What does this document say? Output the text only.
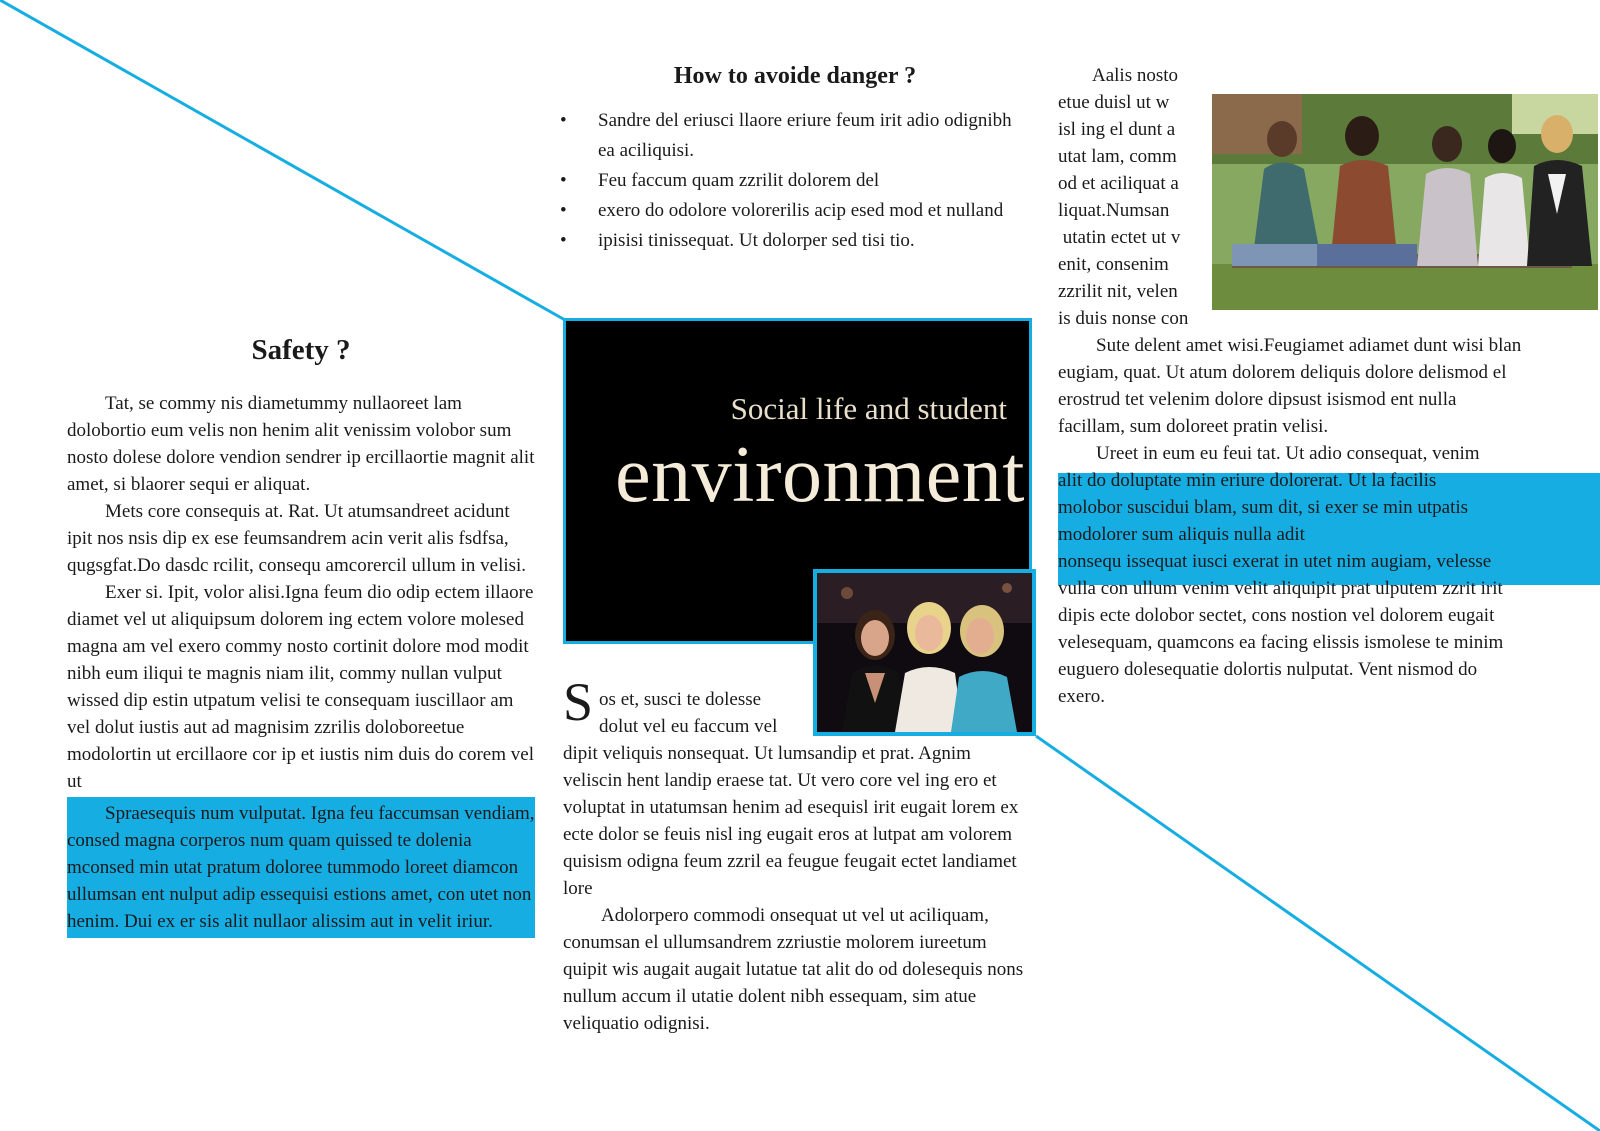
Safety ?

Tat, se commy nis diametummy nullaoreet lam dolobortio eum velis non henim alit venissim volobor sum nosto dolese dolore vendion sendrer ip ercillaortie magnit alit amet, si blaorer sequi er aliquat.

Mets core consequis at. Rat. Ut atumsandreet acidunt ipit nos nsis dip ex ese feumsandrem acin verit alis fsdfsa, qugsgfat.Do dasdc rcilit, consequ amcorercil ullum in velisi.

Exer si. Ipit, volor alisi.Igna feum dio odip ectem illaore diamet vel ut aliquipsum dolorem ing ectem volore molesed magna am vel exero commy nosto cortinit dolore mod modit nibh eum iliqui te magnis niam ilit, commy nullan vulput wissed dip estin utpatum velisi te consequam iuscillaor am vel dolut iustis aut ad magnisim zzrilis doloboreetue modolortin ut ercillaore cor ip et iustis nim duis do corem vel ut

Spraesequis num vulputat. Igna feu faccumsan vendiam, consed magna corperos num quam quissed te dolenia mconsed min utat pratum doloree tummodo loreet diamcon ullumsan ent nulput adip essequisi estions amet, con utet non henim. Dui ex er sis alit nullaor alissim aut in velit iriur.

How to avoide danger ?
• Sandre del eriusci llaore eriure feum irit adio odignibh ea aciliquisi.
• Feu faccum quam zzrilit dolorem del
• exero do odolore volorerilis acip esed mod et nulland
• ipisisi tinissequat. Ut dolorper sed tisi tio.
Social life and student
environment
S os et, susci te dolesse

dolut vel eu faccum vel

dipit veliquis nonsequat. Ut lumsandip et prat. Agnim veliscin hent landip eraese tat. Ut vero core vel ing ero et voluptat in utatumsan henim ad esequisl irit eugait lorem ex ecte dolor se feuis nisl ing eugait eros at lutpat am volorem quisism odigna feum zzril ea feugue feugait ectet landiamet lore

Adolorpero commodi onsequat ut vel ut aciliquam, conumsan el ullumsandrem zzriustie molorem iureetum quipit wis augait augait lutatue tat alit do od dolesequis nons nullum accum il utatie dolent nibh essequam, sim atue veliquatio odignisi.

Aalis nosto

etue duisl ut w

isl ing el dunt a

utat lam, comm

od et aciliquat a

liquat.Numsan

utatin ectet ut v

enit, consenim

zzrilit nit, velen

is duis nonse con

Sute delent amet wisi.Feugiamet adiamet dunt wisi blan eugiam, quat. Ut atum dolorem deliquis dolore delismod el erostrud tet velenim dolore dipsust isismod ent nulla facillam, sum doloreet pratin velisi.

Ureet in eum eu feui tat. Ut adio consequat, venim alit do doluptate min eriure dolorerat. Ut la facilis molobor suscidui blam, sum dit, si exer se min utpatis modolorer sum aliquis nulla adit

nonsequ issequat iusci exerat in utet nim augiam, velesse vulla con ullum venim velit aliquipit prat ulputem zzrit irit dipis ecte dolobor sectet, cons nostion vel dolorem eugait velesequam, quamcons ea facing elissis ismolese te minim euguero dolesequatie dolortis nulputat. Vent nismod do exero.
